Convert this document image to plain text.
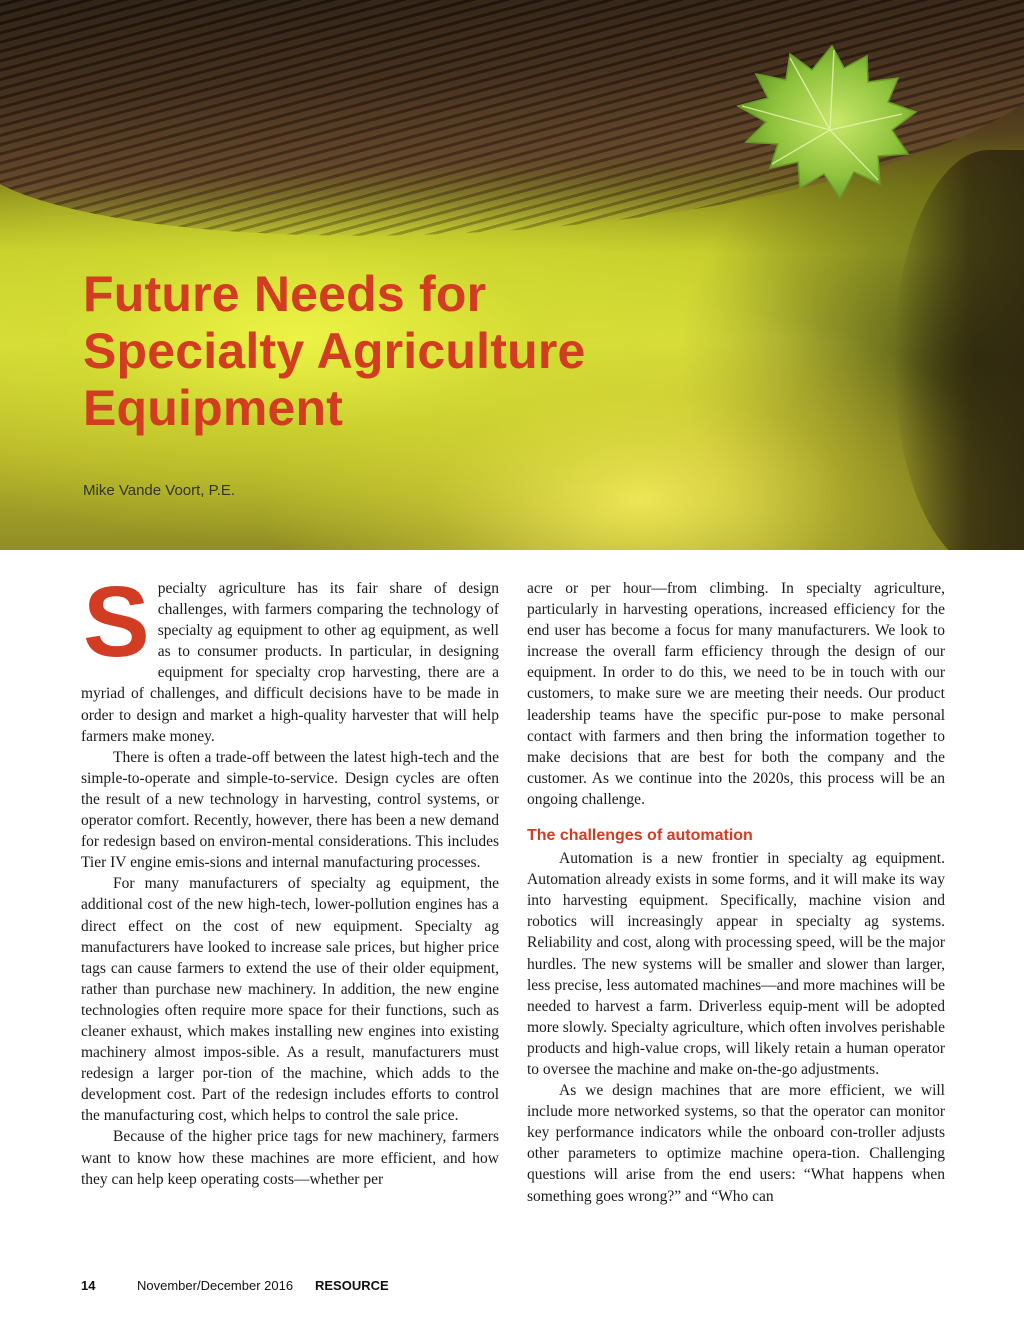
Future Needs for

Specialty Agriculture

Equipment

Mike Vande Voort, P.E.

Specialty agriculture has its fair share of design challenges, with farmers comparing the technology of specialty ag equipment to other ag equipment, as well as to consumer products. In particular, in designing equipment for specialty crop harvesting, there are a myriad of challenges, and difficult decisions have to be made in order to design and market a high-quality harvester that will help farmers make money.

There is often a trade-off between the latest high-tech and the simple-to-operate and simple-to-service. Design cycles are often the result of a new technology in harvesting, control systems, or operator comfort. Recently, however, there has been a new demand for redesign based on environ-mental considerations. This includes Tier IV engine emis-sions and internal manufacturing processes.

For many manufacturers of specialty ag equipment, the additional cost of the new high-tech, lower-pollution engines has a direct effect on the cost of new equipment. Specialty ag manufacturers have looked to increase sale prices, but higher price tags can cause farmers to extend the use of their older equipment, rather than purchase new machinery. In addition, the new engine technologies often require more space for their functions, such as cleaner exhaust, which makes installing new engines into existing machinery almost impos-sible. As a result, manufacturers must redesign a larger por-tion of the machine, which adds to the development cost. Part of the redesign includes efforts to control the manufacturing cost, which helps to control the sale price.

Because of the higher price tags for new machinery, farmers want to know how these machines are more efficient, and how they can help keep operating costs—whether per

acre or per hour—from climbing. In specialty agriculture, particularly in harvesting operations, increased efficiency for the end user has become a focus for many manufacturers. We look to increase the overall farm efficiency through the design of our equipment. In order to do this, we need to be in touch with our customers, to make sure we are meeting their needs. Our product leadership teams have the specific pur-pose to make personal contact with farmers and then bring the information together to make decisions that are best for both the company and the customer. As we continue into the 2020s, this process will be an ongoing challenge.

The challenges of automation

Automation is a new frontier in specialty ag equipment. Automation already exists in some forms, and it will make its way into harvesting equipment. Specifically, machine vision and robotics will increasingly appear in specialty ag systems. Reliability and cost, along with processing speed, will be the major hurdles. The new systems will be smaller and slower than larger, less precise, less automated machines—and more machines will be needed to harvest a farm. Driverless equip-ment will be adopted more slowly. Specialty agriculture, which often involves perishable products and high-value crops, will likely retain a human operator to oversee the machine and make on-the-go adjustments.

As we design machines that are more efficient, we will include more networked systems, so that the operator can monitor key performance indicators while the onboard con-troller adjusts other parameters to optimize machine opera-tion. Challenging questions will arise from the end users: “What happens when something goes wrong?” and “Who can

14	November/December 2016 RESOURCE
